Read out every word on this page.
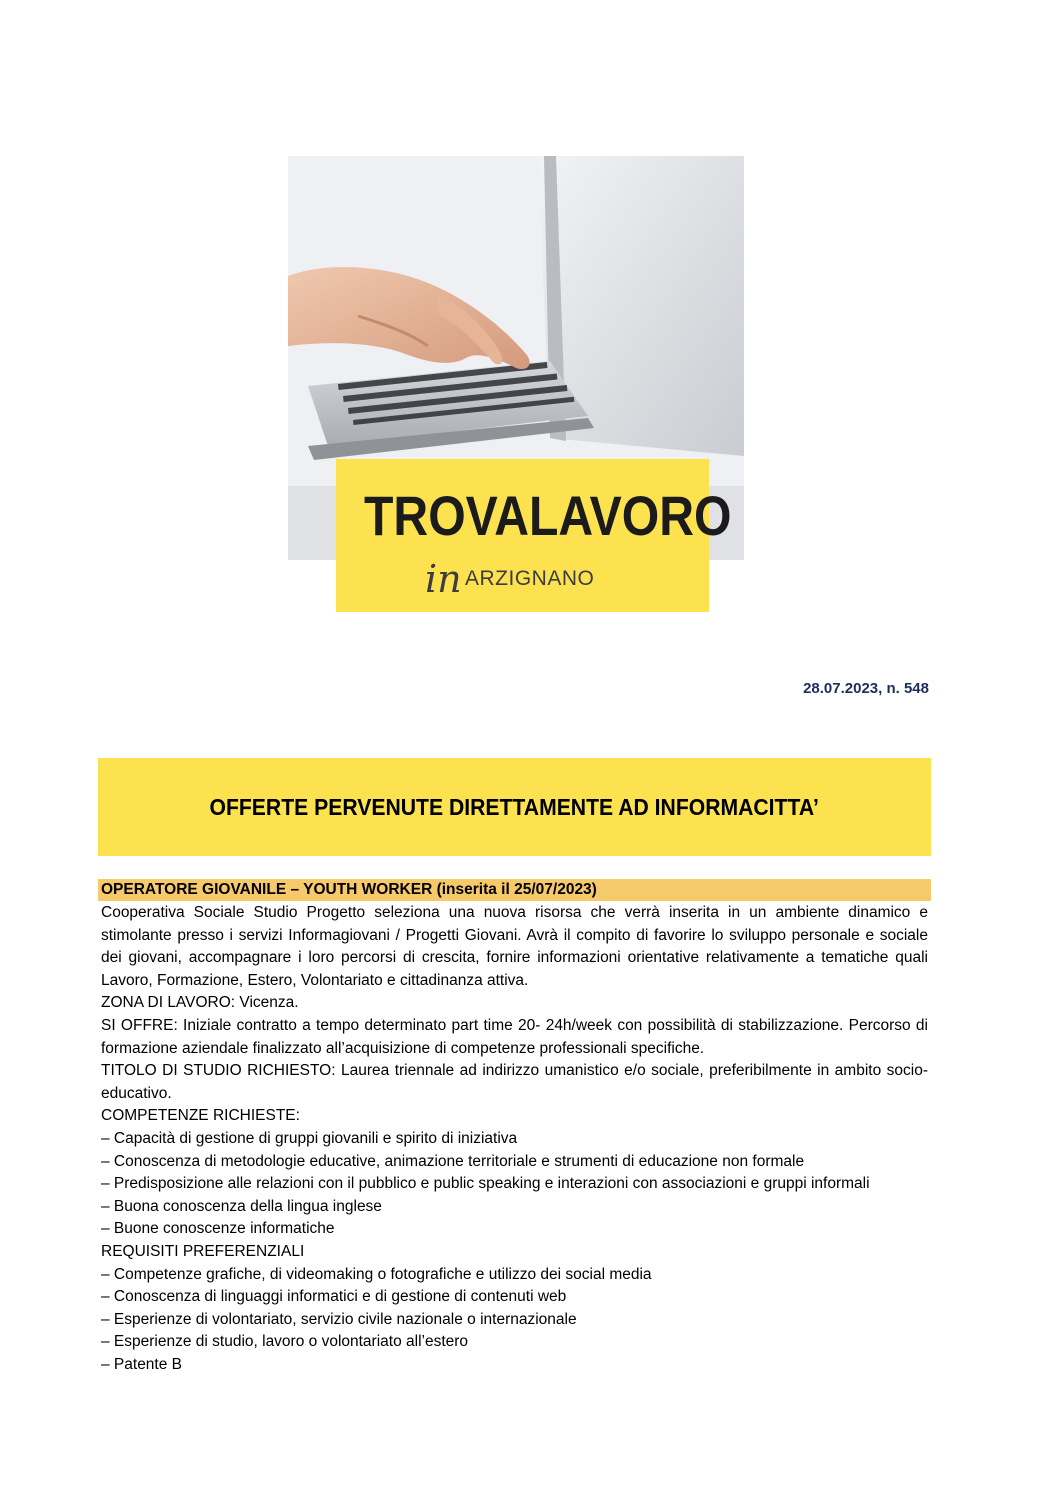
TROVALAVORO
in ARZIGNANO
28.07.2023, n. 548
OFFERTE PERVENUTE DIRETTAMENTE AD INFORMACITTA’
OPERATORE GIOVANILE – YOUTH WORKER (inserita il 25/07/2023)

Cooperativa Sociale Studio Progetto seleziona una nuova risorsa che verrà inserita in un ambiente dinamico e stimolante presso i servizi Informagiovani / Progetti Giovani. Avrà il compito di favorire lo sviluppo personale e sociale dei giovani, accompagnare i loro percorsi di crescita, fornire informazioni orientative relativamente a tematiche quali Lavoro, Formazione, Estero, Volontariato e cittadinanza attiva.

ZONA DI LAVORO: Vicenza.

SI OFFRE: Iniziale contratto a tempo determinato part time 20- 24h/week con possibilità di stabilizzazione. Percorso di formazione aziendale finalizzato all’acquisizione di competenze professionali specifiche.

TITOLO DI STUDIO RICHIESTO: Laurea triennale ad indirizzo umanistico e/o sociale, preferibilmente in ambito socio-educativo.

COMPETENZE RICHIESTE:

– Capacità di gestione di gruppi giovanili e spirito di iniziativa
– Conoscenza di metodologie educative, animazione territoriale e strumenti di educazione non formale
– Predisposizione alle relazioni con il pubblico e public speaking e interazioni con associazioni e gruppi informali
– Buona conoscenza della lingua inglese
– Buone conoscenze informatiche

REQUISITI PREFERENZIALI

– Competenze grafiche, di videomaking o fotografiche e utilizzo dei social media
– Conoscenza di linguaggi informatici e di gestione di contenuti web
– Esperienze di volontariato, servizio civile nazionale o internazionale
– Esperienze di studio, lavoro o volontariato all’estero
– Patente B
